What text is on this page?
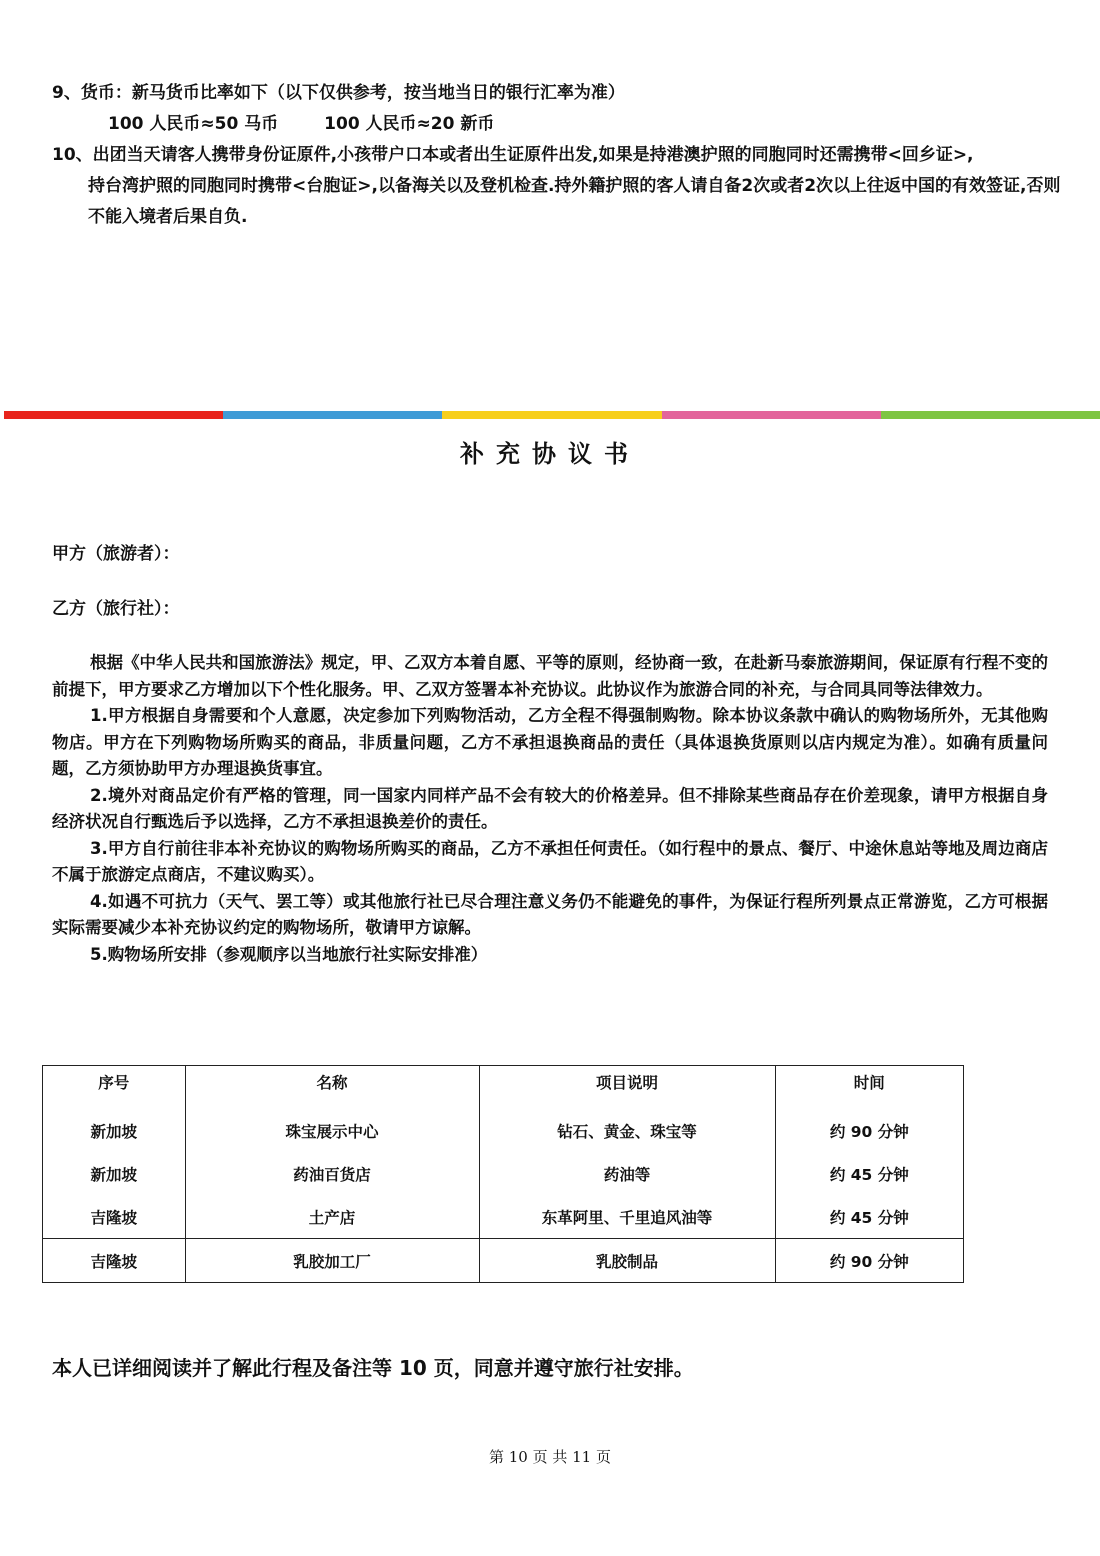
9、货币：新马货币比率如下（以下仅供参考，按当地当日的银行汇率为准）
100 人民币≈50 马币	100 人民币≈20 新币
10、出团当天请客人携带身份证原件,小孩带户口本或者出生证原件出发,如果是持港澳护照的同胞同时还需携带<回乡证>,
持台湾护照的同胞同时携带<台胞证>,以备海关以及登机检查.持外籍护照的客人请自备2次或者2次以上往返中国的有效签证,否则不能入境者后果自负.
补充协议书
甲方（旅游者）：
乙方（旅行社）：

根据《中华人民共和国旅游法》规定，甲、乙双方本着自愿、平等的原则，经协商一致，在赴新马泰旅游期间，保证原有行程不变的前提下，甲方要求乙方增加以下个性化服务。甲、乙双方签署本补充协议。此协议作为旅游合同的补充，与合同具同等法律效力。

1.甲方根据自身需要和个人意愿，决定参加下列购物活动，乙方全程不得强制购物。除本协议条款中确认的购物场所外，无其他购物店。甲方在下列购物场所购买的商品，非质量问题，乙方不承担退换商品的责任（具体退换货原则以店内规定为准）。如确有质量问题，乙方须协助甲方办理退换货事宜。

2.境外对商品定价有严格的管理，同一国家内同样产品不会有较大的价格差异。但不排除某些商品存在价差现象，请甲方根据自身经济状况自行甄选后予以选择，乙方不承担退换差价的责任。

3.甲方自行前往非本补充协议的购物场所购买的商品，乙方不承担任何责任。（如行程中的景点、餐厅、中途休息站等地及周边商店不属于旅游定点商店，不建议购买）。

4.如遇不可抗力（天气、罢工等）或其他旅行社已尽合理注意义务仍不能避免的事件，为保证行程所列景点正常游览，乙方可根据实际需要减少本补充协议约定的购物场所，敬请甲方谅解。

5.购物场所安排（参观顺序以当地旅行社实际安排准）

序号	名称	项目说明	时间
新加坡	珠宝展示中心	钻石、黄金、珠宝等	约 90 分钟
新加坡	药油百货店	药油等	约 45 分钟
吉隆坡	土产店	东革阿里、千里追风油等	约 45 分钟
吉隆坡	乳胶加工厂	乳胶制品	约 90 分钟
本人已详细阅读并了解此行程及备注等 10 页，同意并遵守旅行社安排。
第 10 页 共 11 页
